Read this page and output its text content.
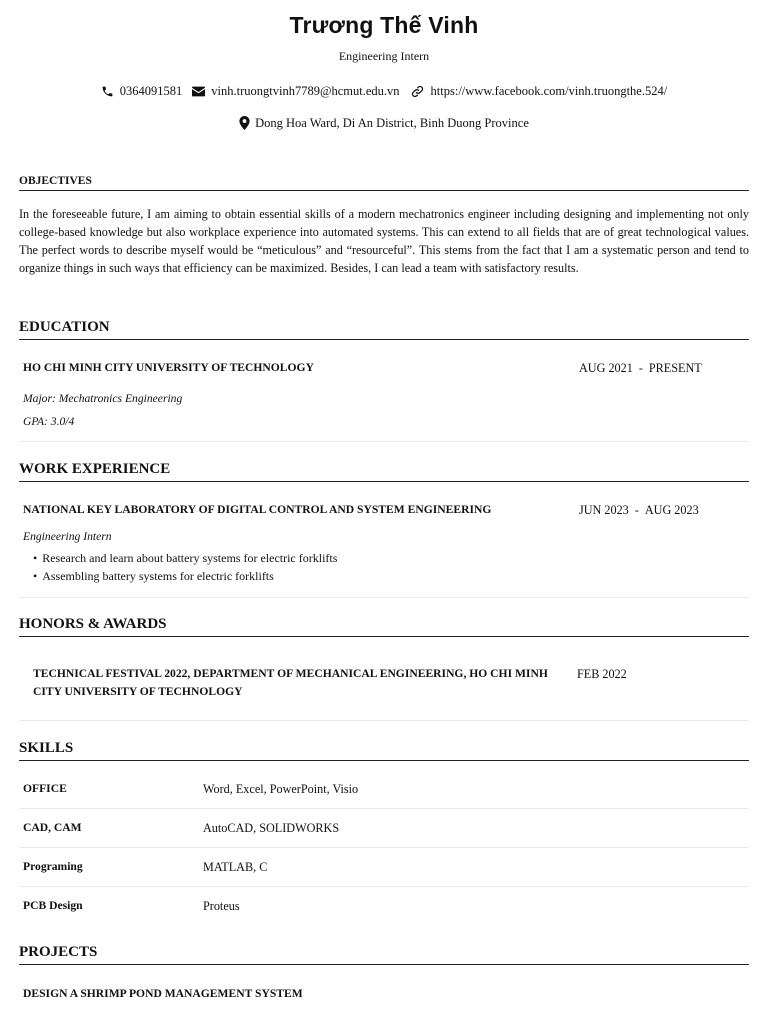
Trương Thế Vinh
Engineering Intern
0364091581 vinh.truongtvinh7789@hcmut.edu.vn https://www.facebook.com/vinh.truongthe.524/
Dong Hoa Ward, Di An District, Binh Duong Province
OBJECTIVES

In the foreseeable future, I am aiming to obtain essential skills of a modern mechatronics engineer including designing and implementing not only college-based knowledge but also workplace experience into automated systems. This can extend to all fields that are of great technological values. The perfect words to describe myself would be “meticulous” and “resourceful”. This stems from the fact that I am a systematic person and tend to organize things in such ways that efficiency can be maximized. Besides, I can lead a team with satisfactory results.

EDUCATION
HO CHI MINH CITY UNIVERSITY OF TECHNOLOGY	AUG 2021 - PRESENT
Major: Mechatronics Engineering
GPA: 3.0/4
WORK EXPERIENCE
NATIONAL KEY LABORATORY OF DIGITAL CONTROL AND SYSTEM ENGINEERING	JUN 2023 - AUG 2023
Engineering Intern
• Research and learn about battery systems for electric forklifts
• Assembling battery systems for electric forklifts
HONORS & AWARDS
TECHNICAL FESTIVAL 2022, DEPARTMENT OF MECHANICAL ENGINEERING, HO CHI MINH
CITY UNIVERSITY OF TECHNOLOGY
FEB 2022
SKILLS
OFFICE	Word, Excel, PowerPoint, Visio
CAD, CAM	AutoCAD, SOLIDWORKS
Programing	MATLAB, C
PCB Design	Proteus
PROJECTS
DESIGN A SHRIMP POND MANAGEMENT SYSTEM
